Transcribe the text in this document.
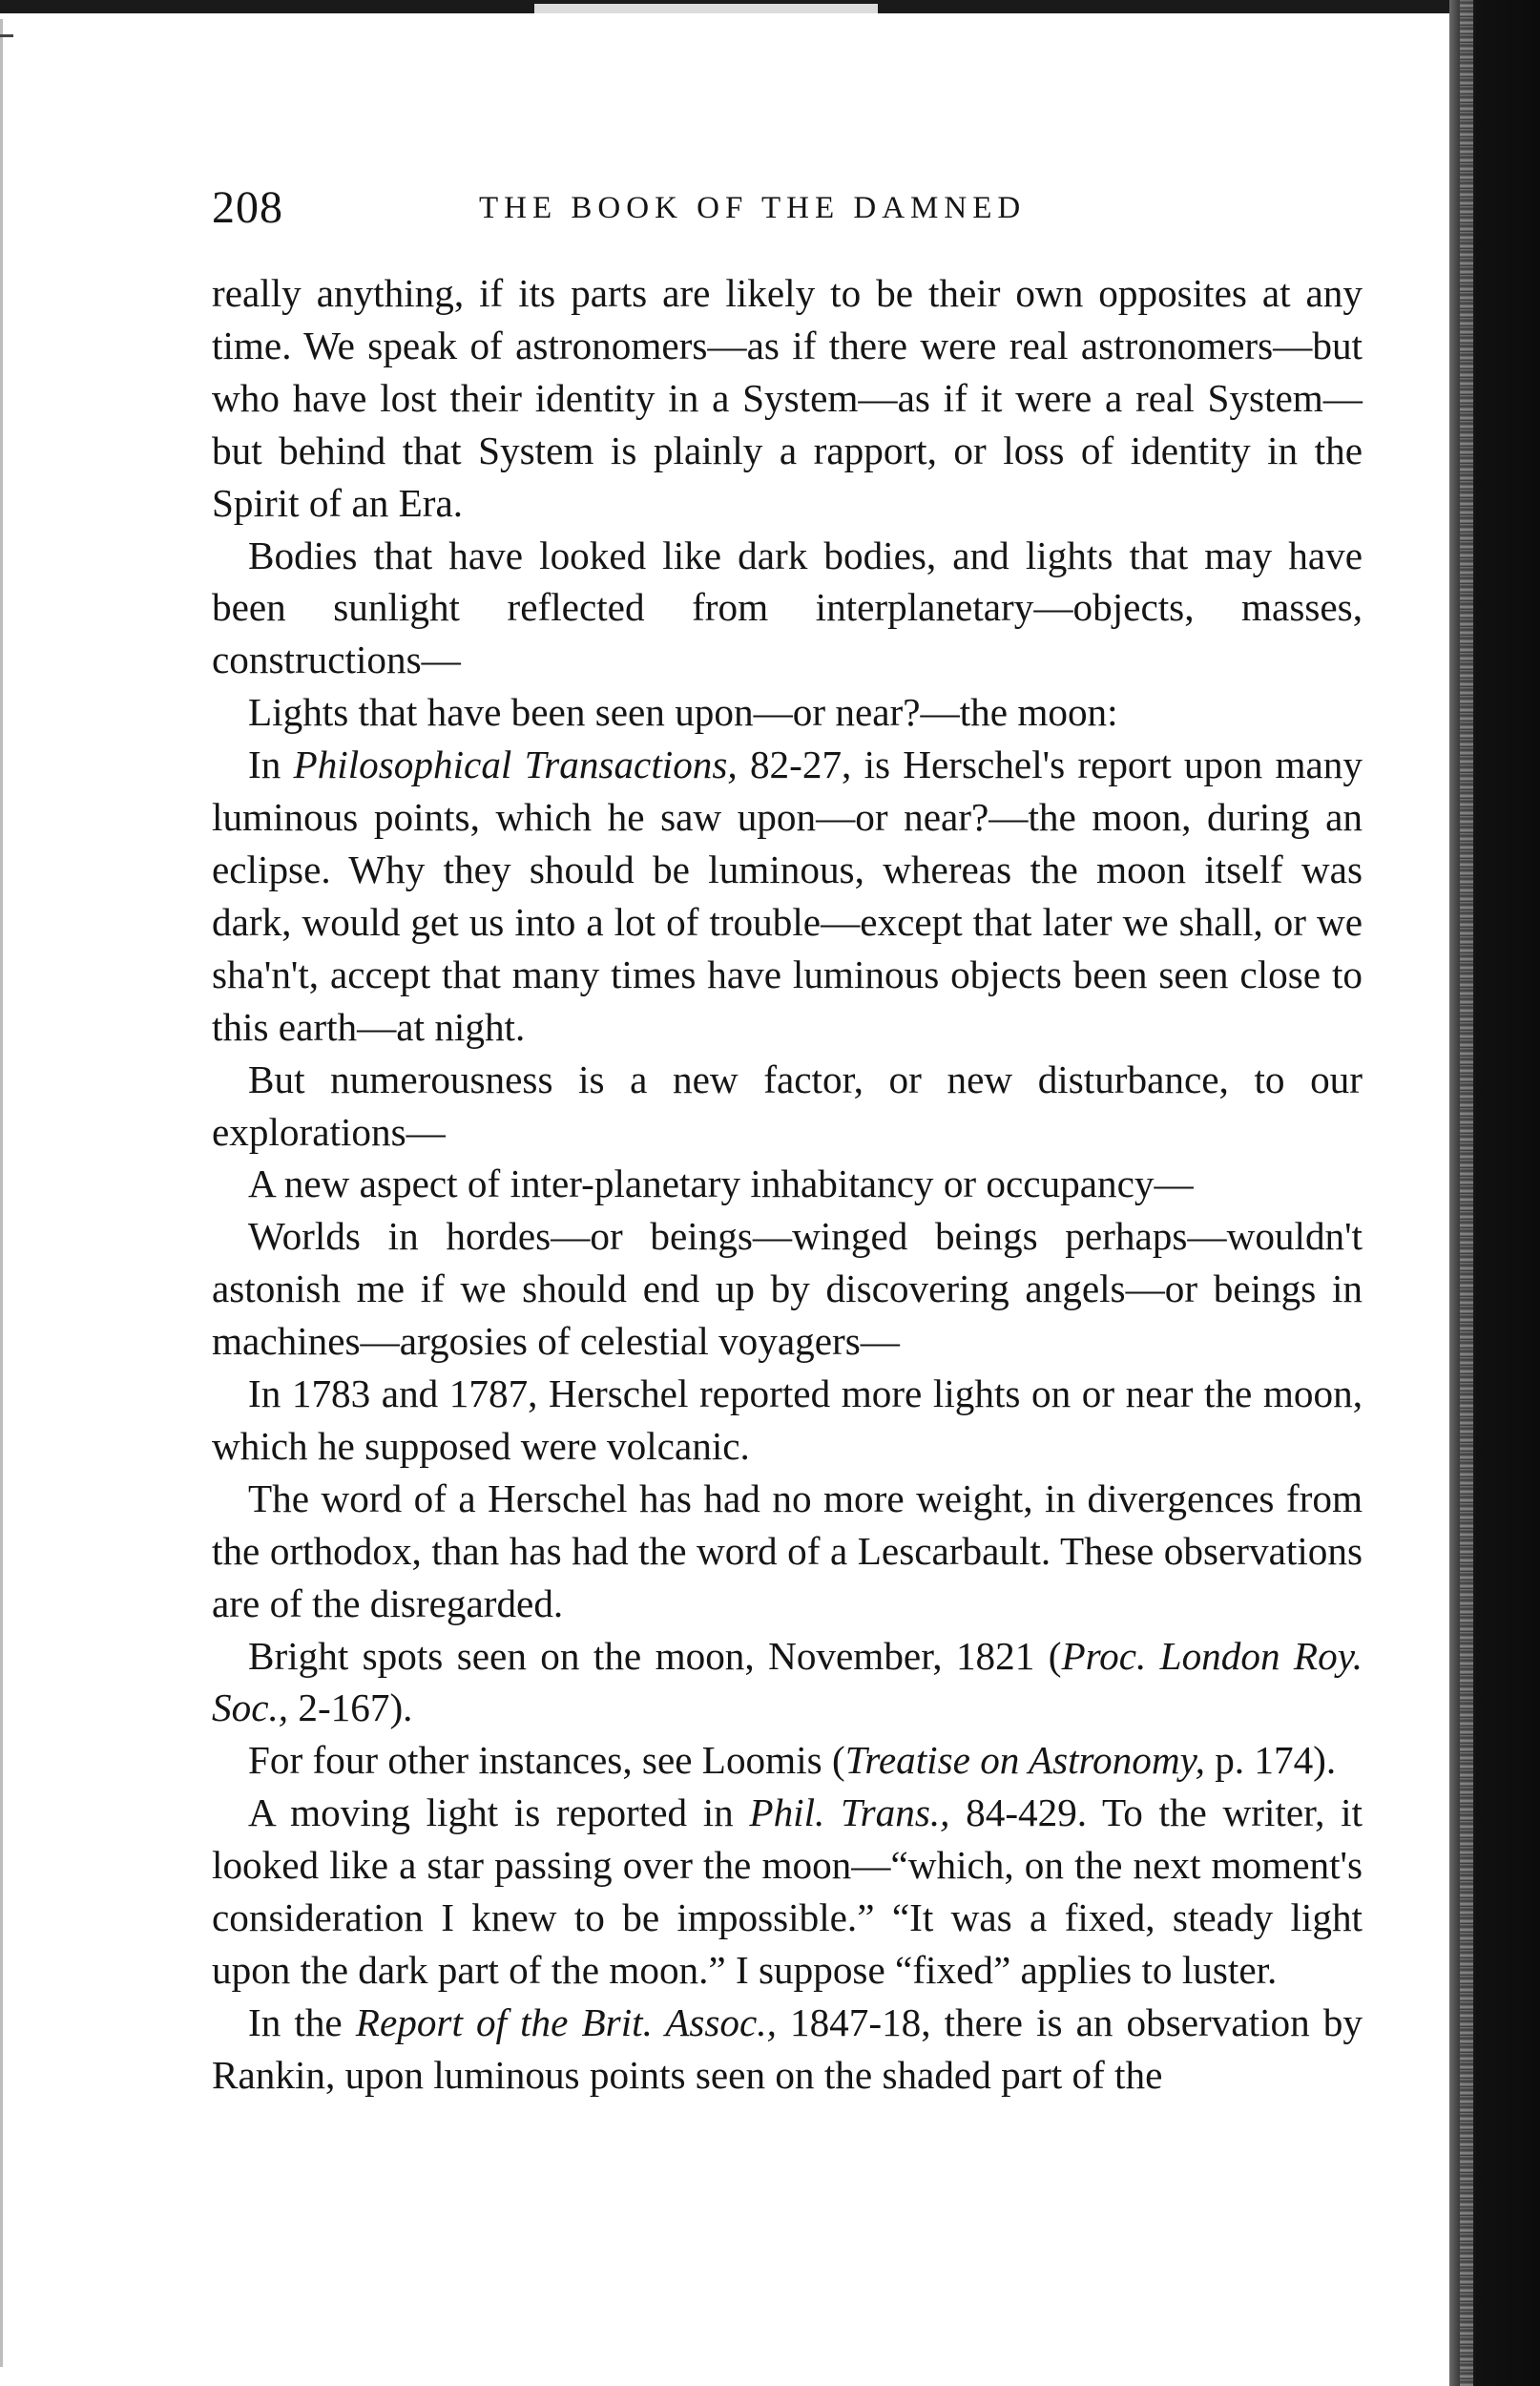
208	THE BOOK OF THE DAMNED

really anything, if its parts are likely to be their own opposites at any time. We speak of astronomers—as if there were real astronomers—but who have lost their identity in a System—as if it were a real System—but behind that System is plainly a rapport, or loss of identity in the Spirit of an Era.

Bodies that have looked like dark bodies, and lights that may have been sunlight reflected from interplanetary—objects, masses, constructions—

Lights that have been seen upon—or near?—the moon:

In Philosophical Transactions, 82-27, is Herschel's report upon many luminous points, which he saw upon—or near?—the moon, during an eclipse. Why they should be luminous, whereas the moon itself was dark, would get us into a lot of trouble—except that later we shall, or we sha'n't, accept that many times have luminous objects been seen close to this earth—at night.

But numerousness is a new factor, or new disturbance, to our explorations—

A new aspect of inter-planetary inhabitancy or occupancy—

Worlds in hordes—or beings—winged beings perhaps—wouldn't astonish me if we should end up by discovering angels—or beings in machines—argosies of celestial voyagers—

In 1783 and 1787, Herschel reported more lights on or near the moon, which he supposed were volcanic.

The word of a Herschel has had no more weight, in divergences from the orthodox, than has had the word of a Lescarbault. These observations are of the disregarded.

Bright spots seen on the moon, November, 1821 (Proc. London Roy. Soc., 2-167).

For four other instances, see Loomis (Treatise on Astronomy, p. 174).

A moving light is reported in Phil. Trans., 84-429. To the writer, it looked like a star passing over the moon—“which, on the next moment's consideration I knew to be impossible.” “It was a fixed, steady light upon the dark part of the moon.” I suppose “fixed” applies to luster.

In the Report of the Brit. Assoc., 1847-18, there is an observation by Rankin, upon luminous points seen on the shaded part of the
